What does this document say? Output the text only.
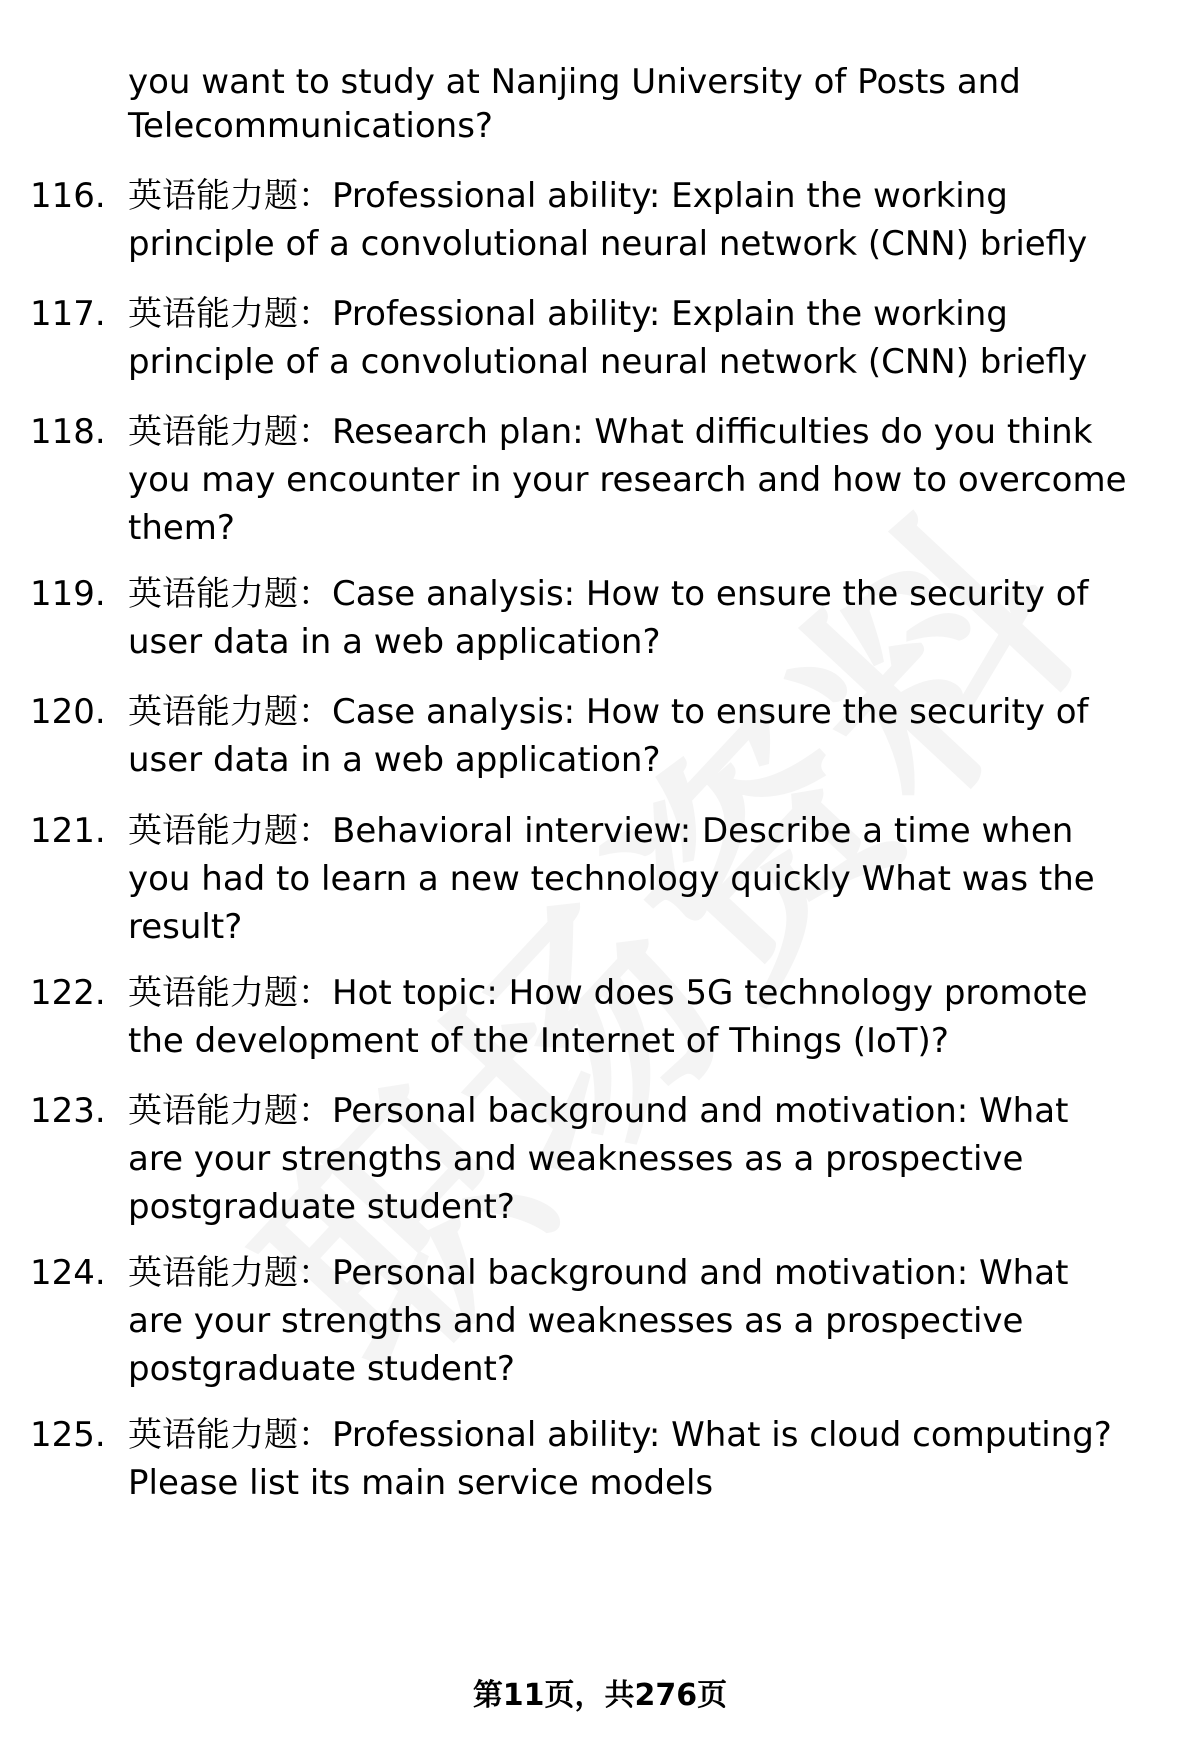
you want to study at Nanjing University of Posts and
Telecommunications?
116. 英语能力题：Professional ability: Explain the working
principle of a convolutional neural network (CNN) briefly
117. 英语能力题：Professional ability: Explain the working
principle of a convolutional neural network (CNN) briefly
118. 英语能力题：Research plan: What difficulties do you think
you may encounter in your research and how to overcome
them?
119. 英语能力题：Case analysis: How to ensure the security of
user data in a web application?
120. 英语能力题：Case analysis: How to ensure the security of
user data in a web application?
121. 英语能力题：Behavioral interview: Describe a time when
you had to learn a new technology quickly What was the
result?
122. 英语能力题：Hot topic: How does 5G technology promote
the development of the Internet of Things (IoT)?
123. 英语能力题：Personal background and motivation: What
are your strengths and weaknesses as a prospective
postgraduate student?
124. 英语能力题：Personal background and motivation: What
are your strengths and weaknesses as a prospective
postgraduate student?
125. 英语能力题：Professional ability: What is cloud computing?
Please list its main service models
第11页，共276页
